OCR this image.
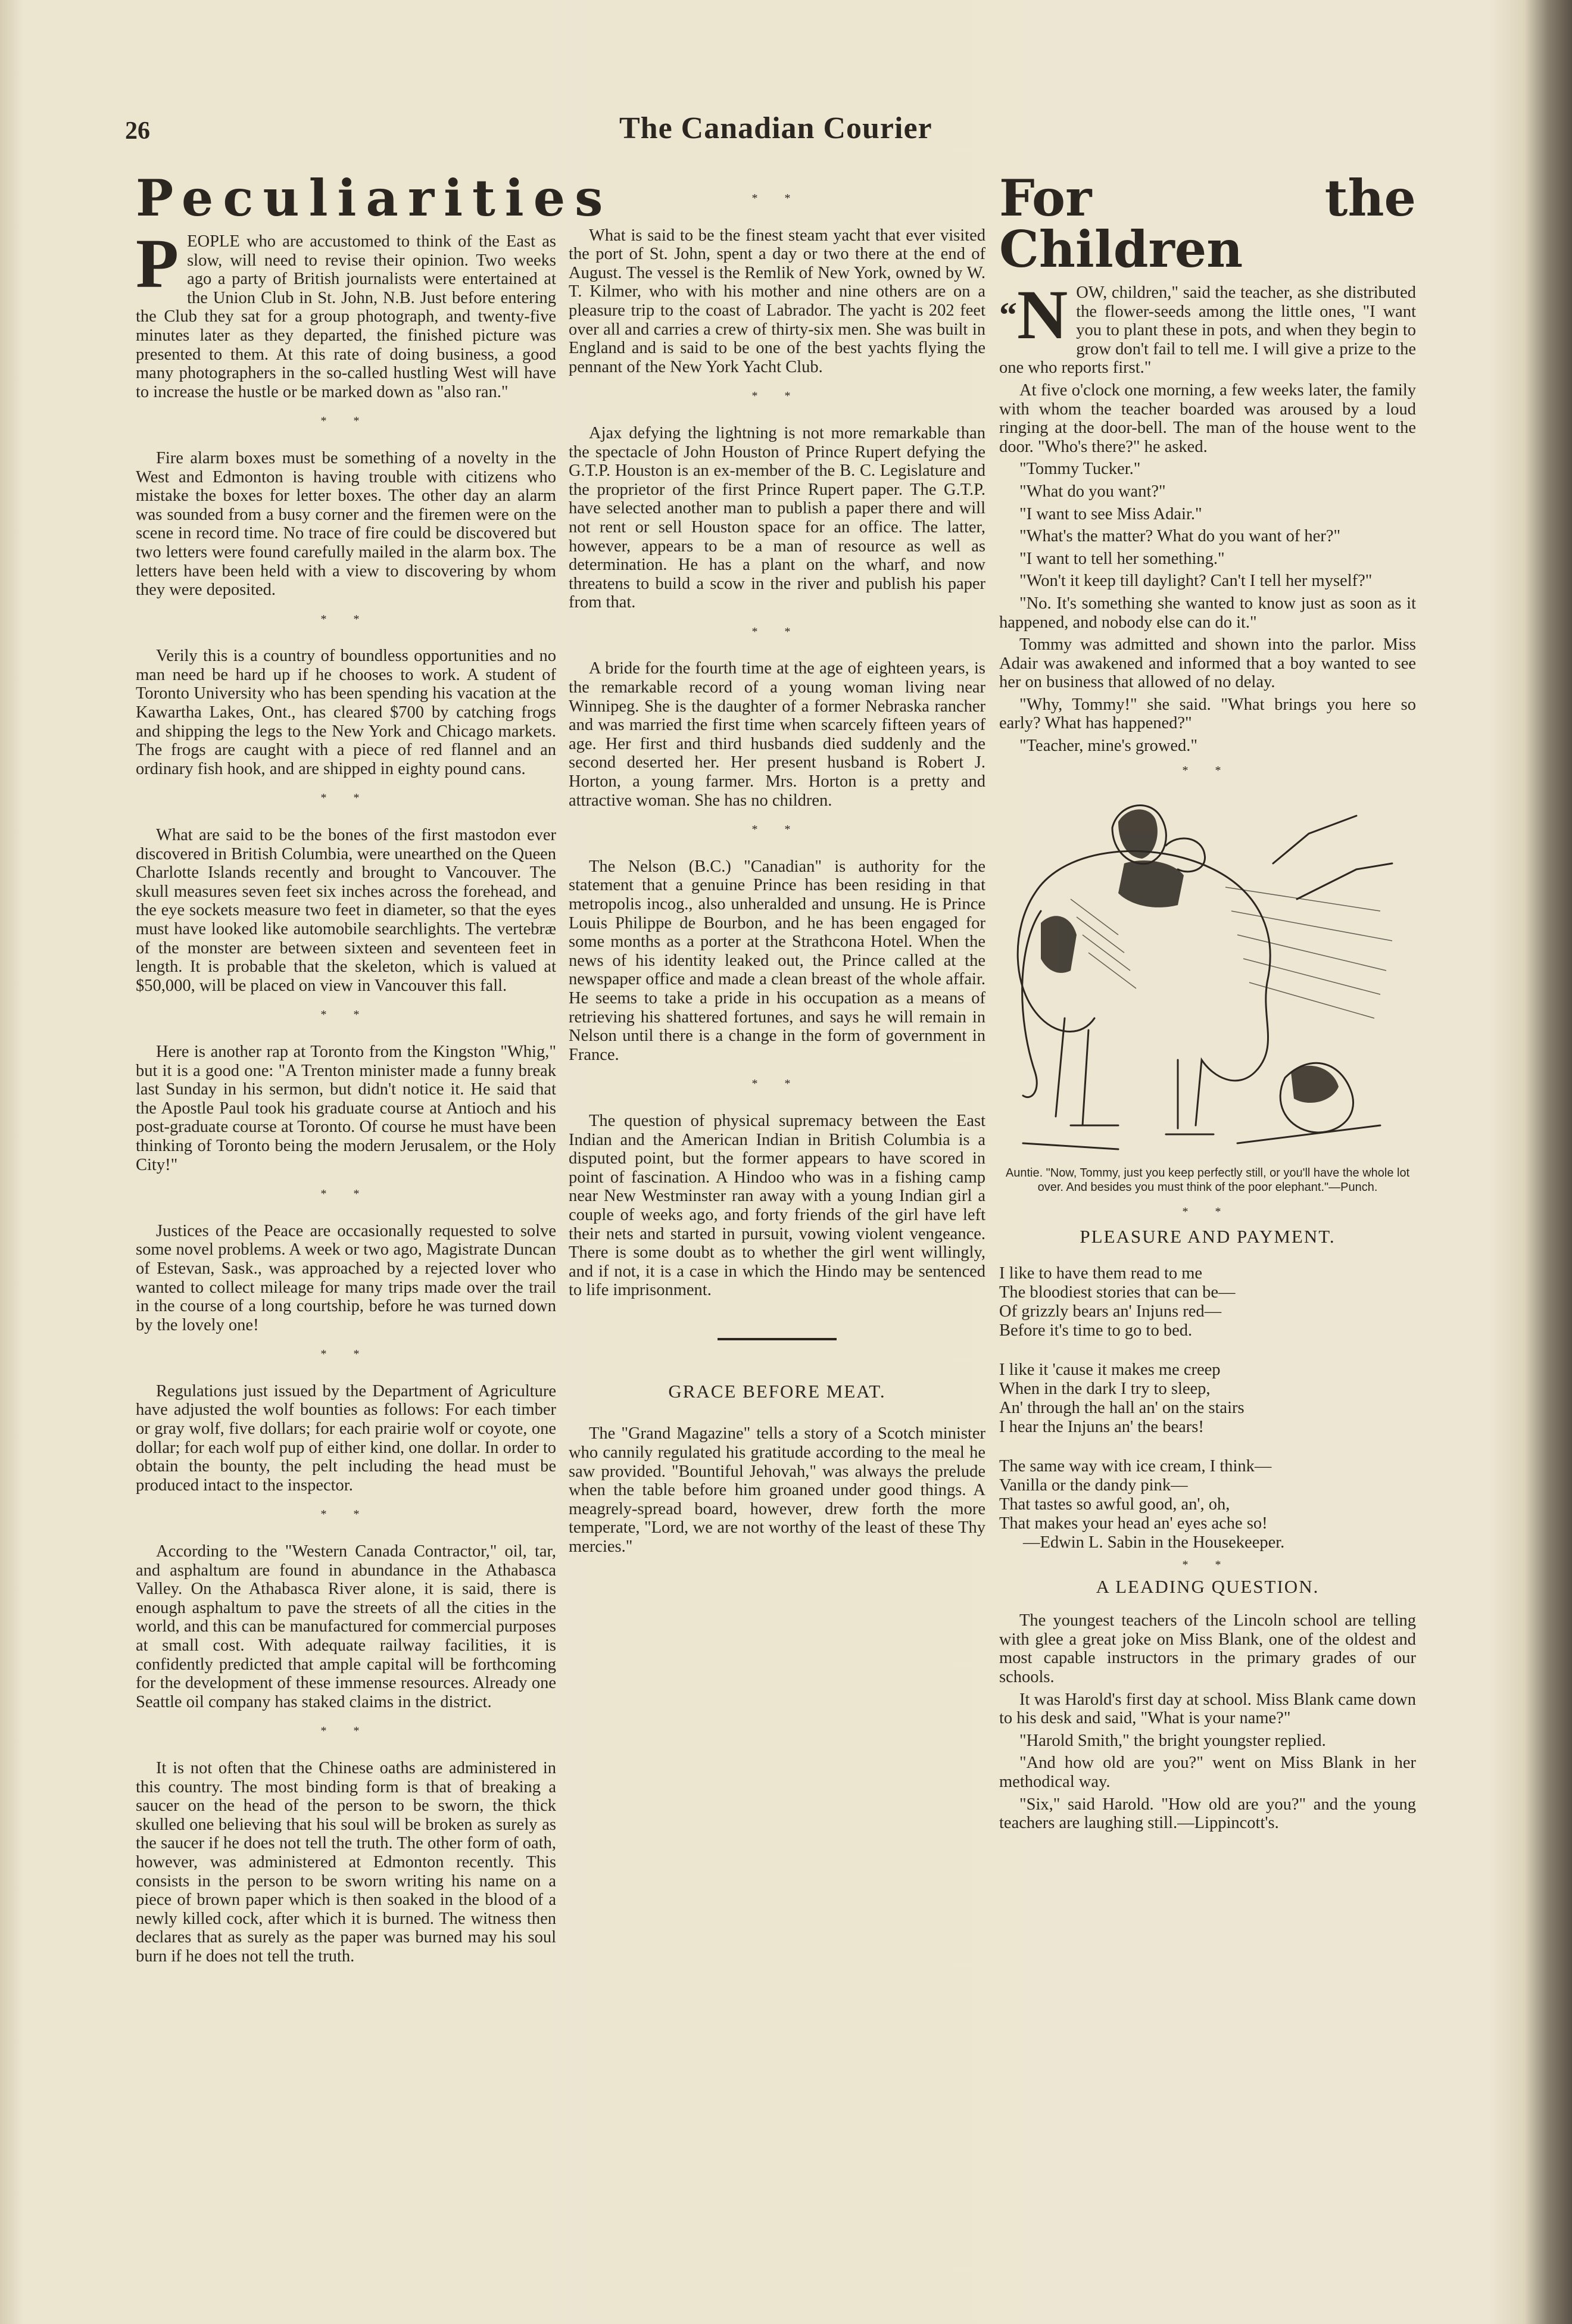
26	The Canadian Courier
Peculiarities

PEOPLE who are accustomed to think of the East as slow, will need to revise their opinion. Two weeks ago a party of British journalists were entertained at the Union Club in St. John, N.B. Just before entering the Club they sat for a group photograph, and twenty-five minutes later as they departed, the finished picture was presented to them. At this rate of doing business, a good many photographers in the so-called hustling West will have to increase the hustle or be marked down as "also ran."

* *

Fire alarm boxes must be something of a novelty in the West and Edmonton is having trouble with citizens who mistake the boxes for letter boxes. The other day an alarm was sounded from a busy corner and the firemen were on the scene in record time. No trace of fire could be discovered but two letters were found carefully mailed in the alarm box. The letters have been held with a view to discovering by whom they were deposited.

* *

Verily this is a country of boundless opportunities and no man need be hard up if he chooses to work. A student of Toronto University who has been spending his vacation at the Kawartha Lakes, Ont., has cleared $700 by catching frogs and shipping the legs to the New York and Chicago markets. The frogs are caught with a piece of red flannel and an ordinary fish hook, and are shipped in eighty pound cans.

* *

What are said to be the bones of the first mastodon ever discovered in British Columbia, were unearthed on the Queen Charlotte Islands recently and brought to Vancouver. The skull measures seven feet six inches across the forehead, and the eye sockets measure two feet in diameter, so that the eyes must have looked like automobile searchlights. The vertebræ of the monster are between sixteen and seventeen feet in length. It is probable that the skeleton, which is valued at $50,000, will be placed on view in Vancouver this fall.

* *

Here is another rap at Toronto from the Kingston "Whig," but it is a good one: "A Trenton minister made a funny break last Sunday in his sermon, but didn't notice it. He said that the Apostle Paul took his graduate course at Antioch and his post-graduate course at Toronto. Of course he must have been thinking of Toronto being the modern Jerusalem, or the Holy City!"

* *

Justices of the Peace are occasionally requested to solve some novel problems. A week or two ago, Magistrate Duncan of Estevan, Sask., was approached by a rejected lover who wanted to collect mileage for many trips made over the trail in the course of a long courtship, before he was turned down by the lovely one!

* *

Regulations just issued by the Department of Agriculture have adjusted the wolf bounties as follows: For each timber or gray wolf, five dollars; for each prairie wolf or coyote, one dollar; for each wolf pup of either kind, one dollar. In order to obtain the bounty, the pelt including the head must be produced intact to the inspector.

* *

According to the "Western Canada Contractor," oil, tar, and asphaltum are found in abundance in the Athabasca Valley. On the Athabasca River alone, it is said, there is enough asphaltum to pave the streets of all the cities in the world, and this can be manufactured for commercial purposes at small cost. With adequate railway facilities, it is confidently predicted that ample capital will be forthcoming for the development of these immense resources. Already one Seattle oil company has staked claims in the district.

* *

It is not often that the Chinese oaths are administered in this country. The most binding form is that of breaking a saucer on the head of the person to be sworn, the thick skulled one believing that his soul will be broken as surely as the saucer if he does not tell the truth. The other form of oath, however, was administered at Edmonton recently. This consists in the person to be sworn writing his name on a piece of brown paper which is then soaked in the blood of a newly killed cock, after which it is burned. The witness then declares that as surely as the paper was burned may his soul burn if he does not tell the truth.

* *

What is said to be the finest steam yacht that ever visited the port of St. John, spent a day or two there at the end of August. The vessel is the Remlik of New York, owned by W. T. Kilmer, who with his mother and nine others are on a pleasure trip to the coast of Labrador. The yacht is 202 feet over all and carries a crew of thirty-six men. She was built in England and is said to be one of the best yachts flying the pennant of the New York Yacht Club.

* *

Ajax defying the lightning is not more remarkable than the spectacle of John Houston of Prince Rupert defying the G.T.P. Houston is an ex-member of the B. C. Legislature and the proprietor of the first Prince Rupert paper. The G.T.P. have selected another man to publish a paper there and will not rent or sell Houston space for an office. The latter, however, appears to be a man of resource as well as determination. He has a plant on the wharf, and now threatens to build a scow in the river and publish his paper from that.

* *

A bride for the fourth time at the age of eighteen years, is the remarkable record of a young woman living near Winnipeg. She is the daughter of a former Nebraska rancher and was married the first time when scarcely fifteen years of age. Her first and third husbands died suddenly and the second deserted her. Her present husband is Robert J. Horton, a young farmer. Mrs. Horton is a pretty and attractive woman. She has no children.

* *

The Nelson (B.C.) "Canadian" is authority for the statement that a genuine Prince has been residing in that metropolis incog., also unheralded and unsung. He is Prince Louis Philippe de Bourbon, and he has been engaged for some months as a porter at the Strathcona Hotel. When the news of his identity leaked out, the Prince called at the newspaper office and made a clean breast of the whole affair. He seems to take a pride in his occupation as a means of retrieving his shattered fortunes, and says he will remain in Nelson until there is a change in the form of government in France.

* *

The question of physical supremacy between the East Indian and the American Indian in British Columbia is a disputed point, but the former appears to have scored in point of fascination. A Hindoo who was in a fishing camp near New Westminster ran away with a young Indian girl a couple of weeks ago, and forty friends of the girl have left their nets and started in pursuit, vowing violent vengeance. There is some doubt as to whether the girl went willingly, and if not, it is a case in which the Hindo may be sentenced to life imprisonment.

GRACE BEFORE MEAT.

The "Grand Magazine" tells a story of a Scotch minister who cannily regulated his gratitude according to the meal he saw provided. "Bountiful Jehovah," was always the prelude when the table before him groaned under good things. A meagrely-spread board, however, drew forth the more temperate, "Lord, we are not worthy of the least of these Thy mercies."

For the Children

“N OW, children," said the teacher, as she distributed the flower-seeds among the little ones, "I want you to plant these in pots, and when they begin to grow don't fail to tell me. I will give a prize to the one who reports first."

At five o'clock one morning, a few weeks later, the family with whom the teacher boarded was aroused by a loud ringing at the door-bell. The man of the house went to the door. "Who's there?" he asked.

"Tommy Tucker."

"What do you want?"

"I want to see Miss Adair."

"What's the matter? What do you want of her?"

"I want to tell her something."

"Won't it keep till daylight? Can't I tell her myself?"

"No. It's something she wanted to know just as soon as it happened, and nobody else can do it."

Tommy was admitted and shown into the parlor. Miss Adair was awakened and informed that a boy wanted to see her on business that allowed of no delay.

"Why, Tommy!" she said. "What brings you here so early? What has happened?"

"Teacher, mine's growed."

* *
Auntie. "Now, Tommy, just you keep perfectly still, or you'll have the whole lot over. And besides you must think of the poor elephant."—Punch.
* *
PLEASURE AND PAYMENT.
I like to have them read to me
The bloodiest stories that can be—
Of grizzly bears an' Injuns red—
Before it's time to go to bed.
I like it 'cause it makes me creep
When in the dark I try to sleep,
An' through the hall an' on the stairs
I hear the Injuns an' the bears!
The same way with ice cream, I think—
Vanilla or the dandy pink—
That tastes so awful good, an', oh,
That makes your head an' eyes ache so!
—Edwin L. Sabin in the Housekeeper.
* *
A LEADING QUESTION.

The youngest teachers of the Lincoln school are telling with glee a great joke on Miss Blank, one of the oldest and most capable instructors in the primary grades of our schools.

It was Harold's first day at school. Miss Blank came down to his desk and said, "What is your name?"

"Harold Smith," the bright youngster replied.

"And how old are you?" went on Miss Blank in her methodical way.

"Six," said Harold. "How old are you?" and the young teachers are laughing still.—Lippincott's.
